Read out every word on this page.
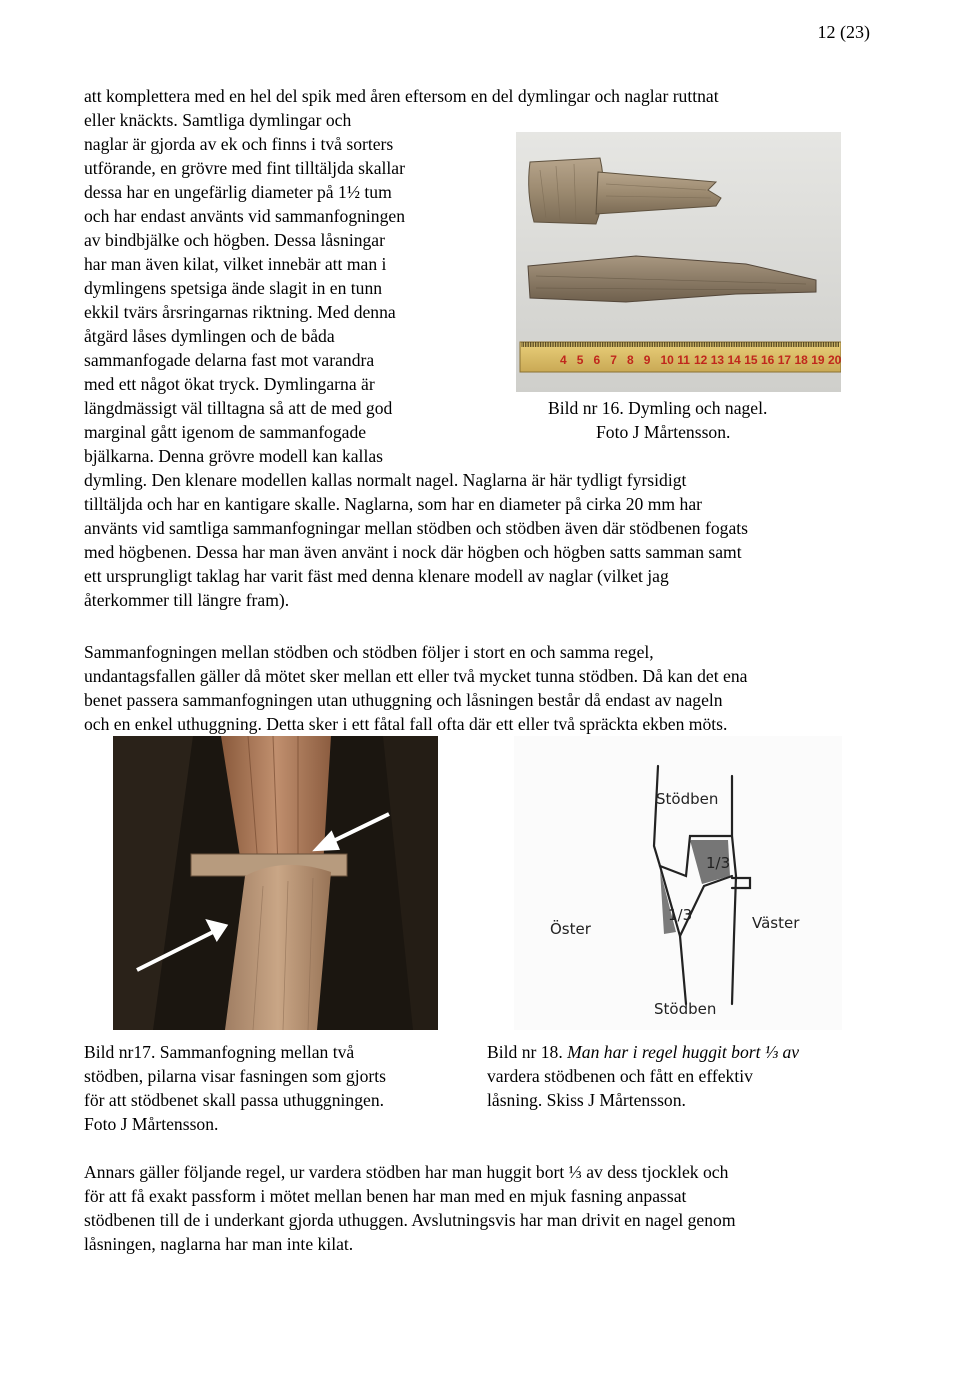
12 (23)
att komplettera med en hel del spik med åren eftersom en del dymlingar och naglar ruttnat
eller knäckts. Samtliga dymlingar och
naglar är gjorda av ek och finns i två sorters
utförande, en grövre med fint tilltäljda skallar
dessa har en ungefärlig diameter på 1½ tum
och har endast använts vid sammanfogningen
av bindbjälke och högben. Dessa låsningar
har man även kilat, vilket innebär att man i
dymlingens spetsiga ände slagit in en tunn
ekkil tvärs årsringarnas riktning. Med denna
åtgärd låses dymlingen och de båda
sammanfogade delarna fast mot varandra
med ett något ökat tryck. Dymlingarna är
längdmässigt väl tilltagna så att de med god
marginal gått igenom de sammanfogade
bjälkarna. Denna grövre modell kan kallas
dymling. Den klenare modellen kallas normalt nagel. Naglarna är här tydligt fyrsidigt
tilltäljda och har en kantigare skalle. Naglarna, som har en diameter på cirka 20 mm har
använts vid samtliga sammanfogningar mellan stödben och stödben även där stödbenen fogats
med högbenen. Dessa har man även använt i nock där högben och högben satts samman samt
ett ursprungligt taklag har varit fäst med denna klenare modell av naglar (vilket jag
återkommer till längre fram).
4 5 6 7 8 9 10 11 12 13 14 15 16 17 18 19 20
Bild nr 16. Dymling och nagel.
Foto J Mårtensson.
Sammanfogningen mellan stödben och stödben följer i stort en och samma regel,
undantagsfallen gäller då mötet sker mellan ett eller två mycket tunna stödben. Då kan det ena
benet passera sammanfogningen utan uthuggning och låsningen består då endast av nageln
och en enkel uthuggning. Detta sker i ett fåtal fall ofta där ett eller två spräckta ekben möts.
Stödben
1/3
Öster	Väster
1/3
Stödben
Bild nr17. Sammanfogning mellan två
stödben, pilarna visar fasningen som gjorts
för att stödbenet skall passa uthuggningen.
Foto J Mårtensson.
Bild nr 18. Man har i regel huggit bort ⅓ av
vardera stödbenen och fått en effektiv
låsning. Skiss J Mårtensson.
Annars gäller följande regel, ur vardera stödben har man huggit bort ⅓ av dess tjocklek och
för att få exakt passform i mötet mellan benen har man med en mjuk fasning anpassat
stödbenen till de i underkant gjorda uthuggen. Avslutningsvis har man drivit en nagel genom
låsningen, naglarna har man inte kilat.
